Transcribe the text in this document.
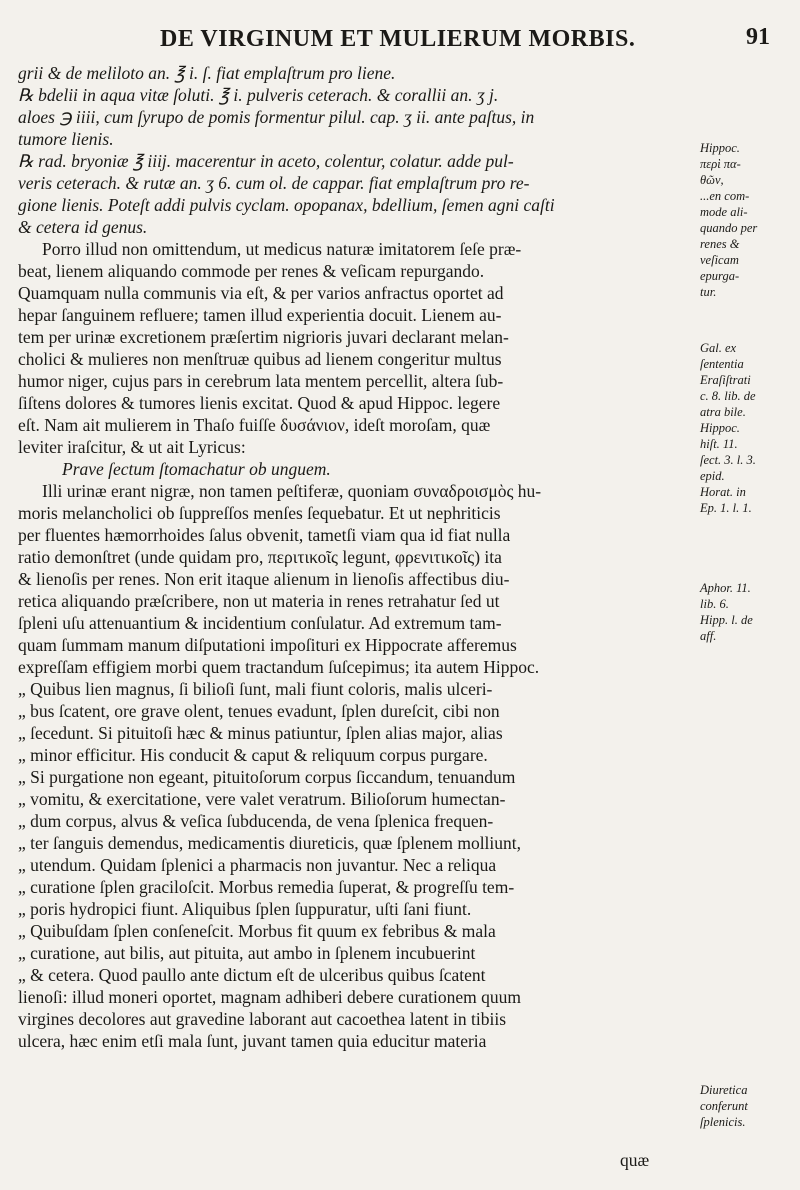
DE VIRGINUM ET MULIERUM MORBIS.	91

grii & de meliloto an. ℥ i. ſ. fiat emplaſtrum pro liene.

℞ bdelii in aqua vitæ ſoluti. ℥ i. pulveris ceterach. & corallii an. ʒ j.

aloes ℈ iiii, cum ſyrupo de pomis formentur pilul. cap. ʒ ii. ante paſtus, in

tumore lienis.

℞ rad. bryoniæ ℥ iiij. macerentur in aceto, colentur, colatur. adde pul-

veris ceterach. & rutæ an. ʒ 6. cum ol. de cappar. fiat emplaſtrum pro re-

gione lienis. Poteſt addi pulvis cyclam. opopanax, bdellium, ſemen agni caſti

& cetera id genus.

Porro illud non omittendum, ut medicus naturæ imitatorem ſeſe præ-

beat, lienem aliquando commode per renes & veſicam repurgando.

Quamquam nulla communis via eſt, & per varios anfractus oportet ad

hepar ſanguinem refluere; tamen illud experientia docuit. Lienem au-

tem per urinæ excretionem præſertim nigrioris juvari declarant melan-

cholici & mulieres non menſtruæ quibus ad lienem congeritur multus

humor niger, cujus pars in cerebrum lata mentem percellit, altera ſub-

ſiſtens dolores & tumores lienis excitat. Quod & apud Hippoc. legere

eſt. Nam ait mulierem in Thaſo fuiſſe δυσάνιον, ideſt moroſam, quæ

leviter iraſcitur, & ut ait Lyricus:

Prave ſectum ſtomachatur ob unguem.

Illi urinæ erant nigræ, non tamen peſtiferæ, quoniam συναδροισμὸς hu-

moris melancholici ob ſuppreſſos menſes ſequebatur. Et ut nephriticis

per fluentes hæmorrhoides ſalus obvenit, tametſi viam qua id fiat nulla

ratio demonſtret (unde quidam pro, περιτικοῖς legunt, φρενιτικοῖς) ita

& lienoſis per renes. Non erit itaque alienum in lienoſis affectibus diu-

retica aliquando præſcribere, non ut materia in renes retrahatur ſed ut

ſpleni uſu attenuantium & incidentium conſulatur. Ad extremum tam-

quam ſummam manum diſputationi impoſituri ex Hippocrate afferemus

expreſſam effigiem morbi quem tractandum ſuſcepimus; ita autem Hippoc.

„ Quibus lien magnus, ſi bilioſi ſunt, mali fiunt coloris, malis ulceri-

„ bus ſcatent, ore grave olent, tenues evadunt, ſplen dureſcit, cibi non

„ ſecedunt. Si pituitoſi hæc & minus patiuntur, ſplen alias major, alias

„ minor efficitur. His conducit & caput & reliquum corpus purgare.

„ Si purgatione non egeant, pituitoſorum corpus ſiccandum, tenuandum

„ vomitu, & exercitatione, vere valet veratrum. Bilioſorum humectan-

„ dum corpus, alvus & veſica ſubducenda, de vena ſplenica frequen-

„ ter ſanguis demendus, medicamentis diureticis, quæ ſplenem molliunt,

„ utendum. Quidam ſplenici a pharmacis non juvantur. Nec a reliqua

„ curatione ſplen graciloſcit. Morbus remedia ſuperat, & progreſſu tem-

„ poris hydropici fiunt. Aliquibus ſplen ſuppuratur, uſti ſani fiunt.

„ Quibuſdam ſplen conſeneſcit. Morbus fit quum ex febribus & mala

„ curatione, aut bilis, aut pituita, aut ambo in ſplenem incubuerint

„ & cetera. Quod paullo ante dictum eſt de ulceribus quibus ſcatent

lienoſi: illud moneri oportet, magnam adhiberi debere curationem quum

virgines decolores aut gravedine laborant aut cacoethea latent in tibiis

ulcera, hæc enim etſi mala ſunt, juvant tamen quia educitur materia

quæ
Hippoc.
περὶ πα-
θῶν,
...en com-
mode ali-
quando per
renes &
veſicam
epurga-
tur.
Gal. ex
ſententia
Eraſiſtrati
c. 8. lib. de
atra bile.
Hippoc.
hiſt. 11.
ſect. 3. l. 3.
epid.
Horat. in
Ep. 1. l. 1.
Aphor. 11.
lib. 6.
Hipp. l. de
aff.
Diuretica
conferunt
ſplenicis.
